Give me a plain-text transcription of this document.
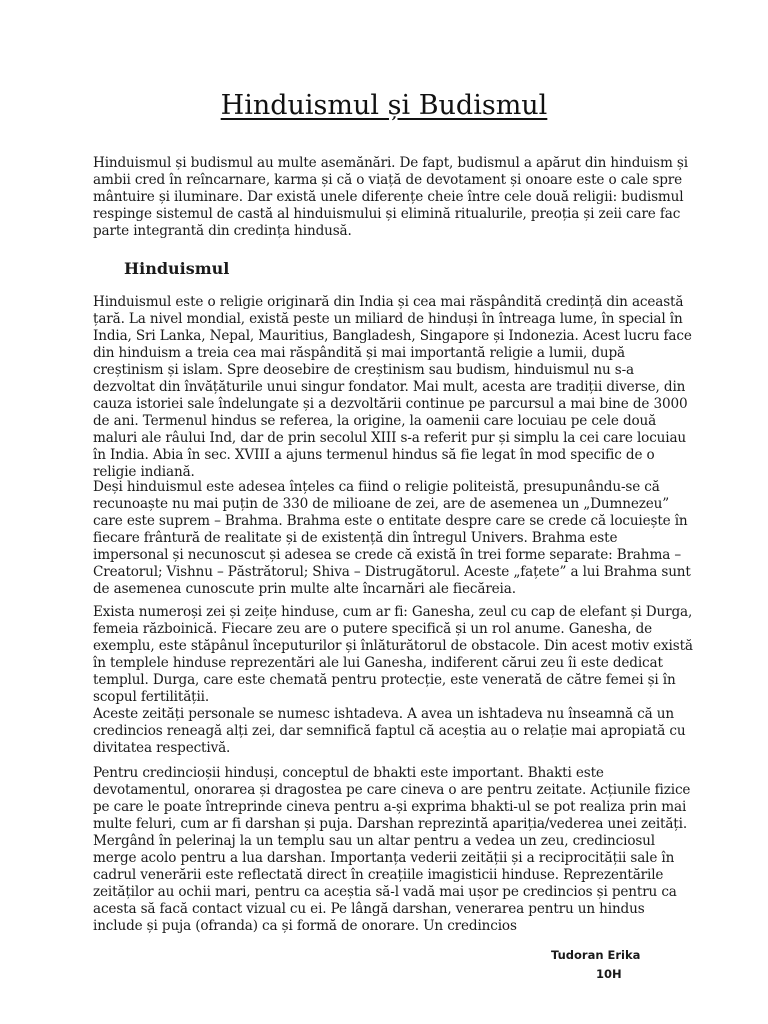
Hinduismul și Budismul

Hinduismul și budismul au multe asemănări. De fapt, budismul a apărut din hinduism și ambii cred în reîncarnare, karma și că o viață de devotament și onoare este o cale spre mântuire și iluminare. Dar există unele diferențe cheie între cele două religii: budismul respinge sistemul de castă al hinduismului și elimină ritualurile, preoția și zeii care fac parte integrantă din credința hindusă.

Hinduismul

Hinduismul este o religie originară din India și cea mai răspândită credință din această țară. La nivel mondial, există peste un miliard de hinduși în întreaga lume, în special în India, Sri Lanka, Nepal, Mauritius, Bangladesh, Singapore și Indonezia. Acest lucru face din hinduism a treia cea mai răspândită și mai importantă religie a lumii, după creștinism și islam. Spre deosebire de creștinism sau budism, hinduismul nu s-a dezvoltat din învățăturile unui singur fondator. Mai mult, acesta are tradiții diverse, din cauza istoriei sale îndelungate și a dezvoltării continue pe parcursul a mai bine de 3000 de ani. Termenul hindus se referea, la origine, la oamenii care locuiau pe cele două maluri ale râului Ind, dar de prin secolul XIII s-a referit pur și simplu la cei care locuiau în India. Abia în sec. XVIII a ajuns termenul hindus să fie legat în mod specific de o religie indiană.

Deși hinduismul este adesea înțeles ca fiind o religie politeistă, presupunându-se că recunoaște nu mai puțin de 330 de milioane de zei, are de asemenea un „Dumnezeu” care este suprem – Brahma. Brahma este o entitate despre care se crede că locuiește în fiecare frântură de realitate și de existență din întregul Univers. Brahma este impersonal și necunoscut și adesea se crede că există în trei forme separate: Brahma – Creatorul; Vishnu – Păstrătorul; Shiva – Distrugătorul. Aceste „fațete” a lui Brahma sunt de asemenea cunoscute prin multe alte încarnări ale fiecăreia.

Exista numeroși zei și zeițe hinduse, cum ar fi: Ganesha, zeul cu cap de elefant și Durga, femeia războinică. Fiecare zeu are o putere specifică și un rol anume. Ganesha, de exemplu, este stăpânul începuturilor și înlăturătorul de obstacole. Din acest motiv există în templele hinduse reprezentări ale lui Ganesha, indiferent cărui zeu îi este dedicat templul. Durga, care este chemată pentru protecție, este venerată de către femei și în scopul fertilității.
Aceste zeități personale se numesc ishtadeva. A avea un ishtadeva nu înseamnă că un credincios reneagă alți zei, dar semnifică faptul că aceștia au o relație mai apropiată cu divitatea respectivă.

Pentru credincioșii hinduși, conceptul de bhakti este important. Bhakti este devotamentul, onorarea și dragostea pe care cineva o are pentru zeitate. Acțiunile fizice pe care le poate întreprinde cineva pentru a-și exprima bhakti-ul se pot realiza prin mai multe feluri, cum ar fi darshan și puja. Darshan reprezintă apariția/vederea unei zeități. Mergând în pelerinaj la un templu sau un altar pentru a vedea un zeu, credinciosul merge acolo pentru a lua darshan. Importanța vederii zeității și a reciprocității sale în cadrul venerării este reflectată direct în creațiile imagisticii hinduse. Reprezentările zeităților au ochii mari, pentru ca aceștia să-l vadă mai ușor pe credincios și pentru ca acesta să facă contact vizual cu ei. Pe lângă darshan, venerarea pentru un hindus include și puja (ofranda) ca și formă de onorare. Un credincios

Tudoran Erika
10H
